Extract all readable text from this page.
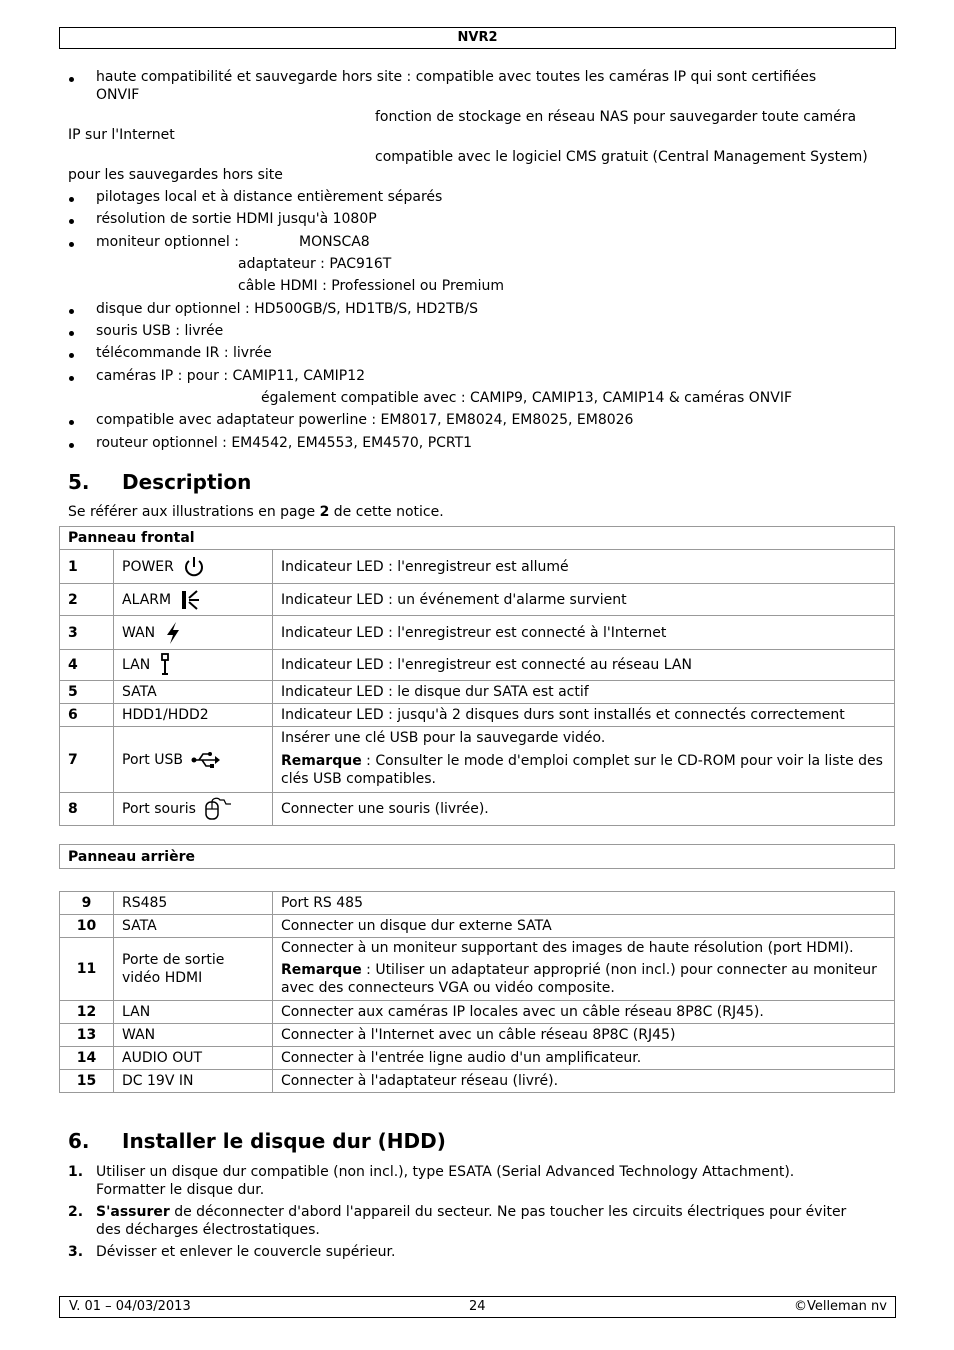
NVR2
haute compatibilité et sauvegarde hors site : compatible avec toutes les caméras IP qui sont certifiées
ONVIF
fonction de stockage en réseau NAS pour sauvegarder toute caméra
IP sur l'Internet
compatible avec le logiciel CMS gratuit (Central Management System)
pour les sauvegardes hors site
pilotages local et à distance entièrement séparés
résolution de sortie HDMI jusqu'à 1080P
moniteur optionnel :	MONSCA8
adaptateur : PAC916T
câble HDMI : Professionel ou Premium
disque dur optionnel : HD500GB/S, HD1TB/S, HD2TB/S
souris USB : livrée
télécommande IR : livrée
caméras IP : pour : CAMIP11, CAMIP12
également compatible avec : CAMIP9, CAMIP13, CAMIP14 & caméras ONVIF
compatible avec adaptateur powerline : EM8017, EM8024, EM8025, EM8026
routeur optionnel : EM4542, EM4553, EM4570, PCRT1
5. Description
Se référer aux illustrations en page 2 de cette notice.
Panneau frontal		
1	POWER	Indicateur LED : l'enregistreur est allumé
2	ALARM	Indicateur LED : un événement d'alarme survient
3	WAN	Indicateur LED : l'enregistreur est connecté à l'Internet
4	LAN	Indicateur LED : l'enregistreur est connecté au réseau LAN
5	SATA	Indicateur LED : le disque dur SATA est actif
6	HDD1/HDD2	Indicateur LED : jusqu'à 2 disques durs sont installés et connectés correctement
7	Port USB	Insérer une clé USB pour la sauvegarde vidéo.
Remarque : Consulter le mode d'emploi complet sur le CD-ROM pour voir la liste des clés USB compatibles.

8	Port souris	Connecter une souris (livrée).
Panneau arrière
9	RS485	Port RS 485
10	SATA	Connecter un disque dur externe SATA
11	Porte de sortie vidéo HDMI	Connecter à un moniteur supportant des images de haute résolution (port HDMI).
Remarque : Utiliser un adaptateur approprié (non incl.) pour connecter au moniteur avec des connecteurs VGA ou vidéo composite.

12	LAN	Connecter aux caméras IP locales avec un câble réseau 8P8C (RJ45).
13	WAN	Connecter à l'Internet avec un câble réseau 8P8C (RJ45)
14	AUDIO OUT	Connecter à l'entrée ligne audio d'un amplificateur.
15	DC 19V IN	Connecter à l'adaptateur réseau (livré).
6. Installer le disque dur (HDD)
1. Utiliser un disque dur compatible (non incl.), type ESATA (Serial Advanced Technology Attachment).
Formatter le disque dur.
2. S'assurer de déconnecter d'abord l'appareil du secteur. Ne pas toucher les circuits électriques pour éviter
des décharges électrostatiques.
3. Dévisser et enlever le couvercle supérieur.
V. 01 – 04/03/2013	24	©Velleman nv
